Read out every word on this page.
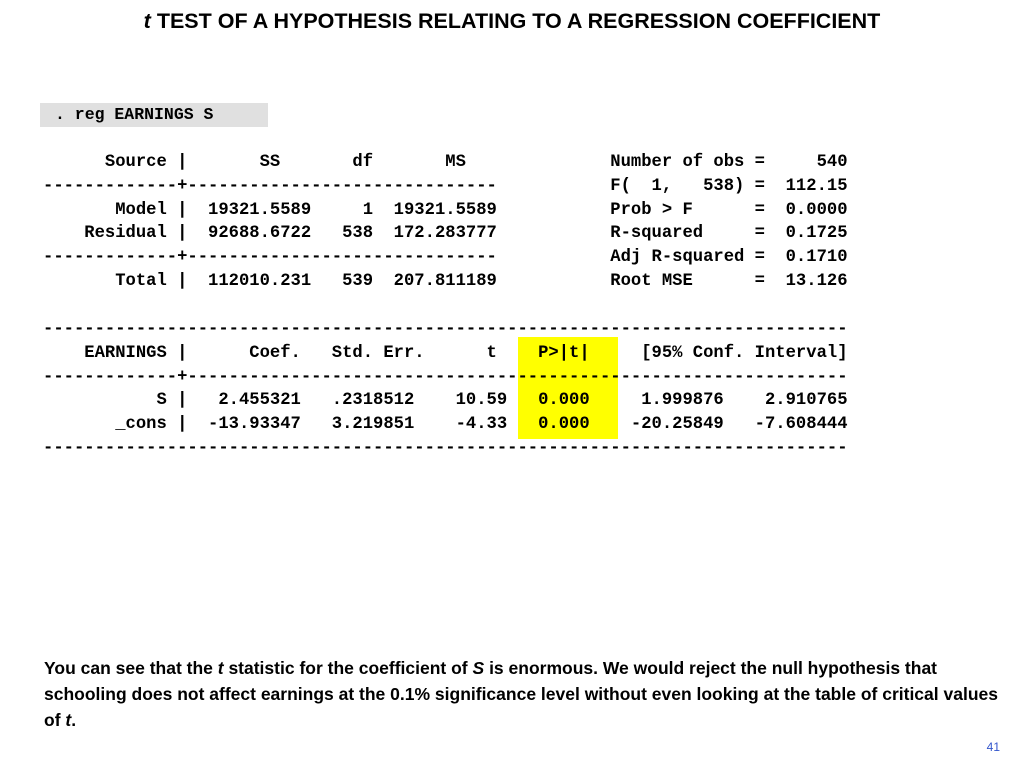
t TEST OF A HYPOTHESIS RELATING TO A REGRESSION COEFFICIENT
. reg EARNINGS S
Source |       SS       df       MS              Number of obs =     540
-------------+------------------------------           F(  1,   538) =  112.15
Model |  19321.5589     1  19321.5589           Prob > F      =  0.0000
Residual |  92688.6722   538  172.283777           R-squared     =  0.1725
-------------+------------------------------           Adj R-squared =  0.1710
Total |  112010.231   539  207.811189           Root MSE      =  13.126
------------------------------------------------------------------------------
EARNINGS |      Coef.   Std. Err.      t    P>|t|     [95% Conf. Interval]
-------------+----------------------------------------------------------------
S |   2.455321   .2318512    10.59   0.000     1.999876    2.910765
_cons |  -13.93347   3.219851    -4.33   0.000    -20.25849   -7.608444
------------------------------------------------------------------------------
You can see that the t statistic for the coefficient of S is enormous. We would reject the null hypothesis that schooling does not affect earnings at the 0.1% significance level without even looking at the table of critical values of t.
41
